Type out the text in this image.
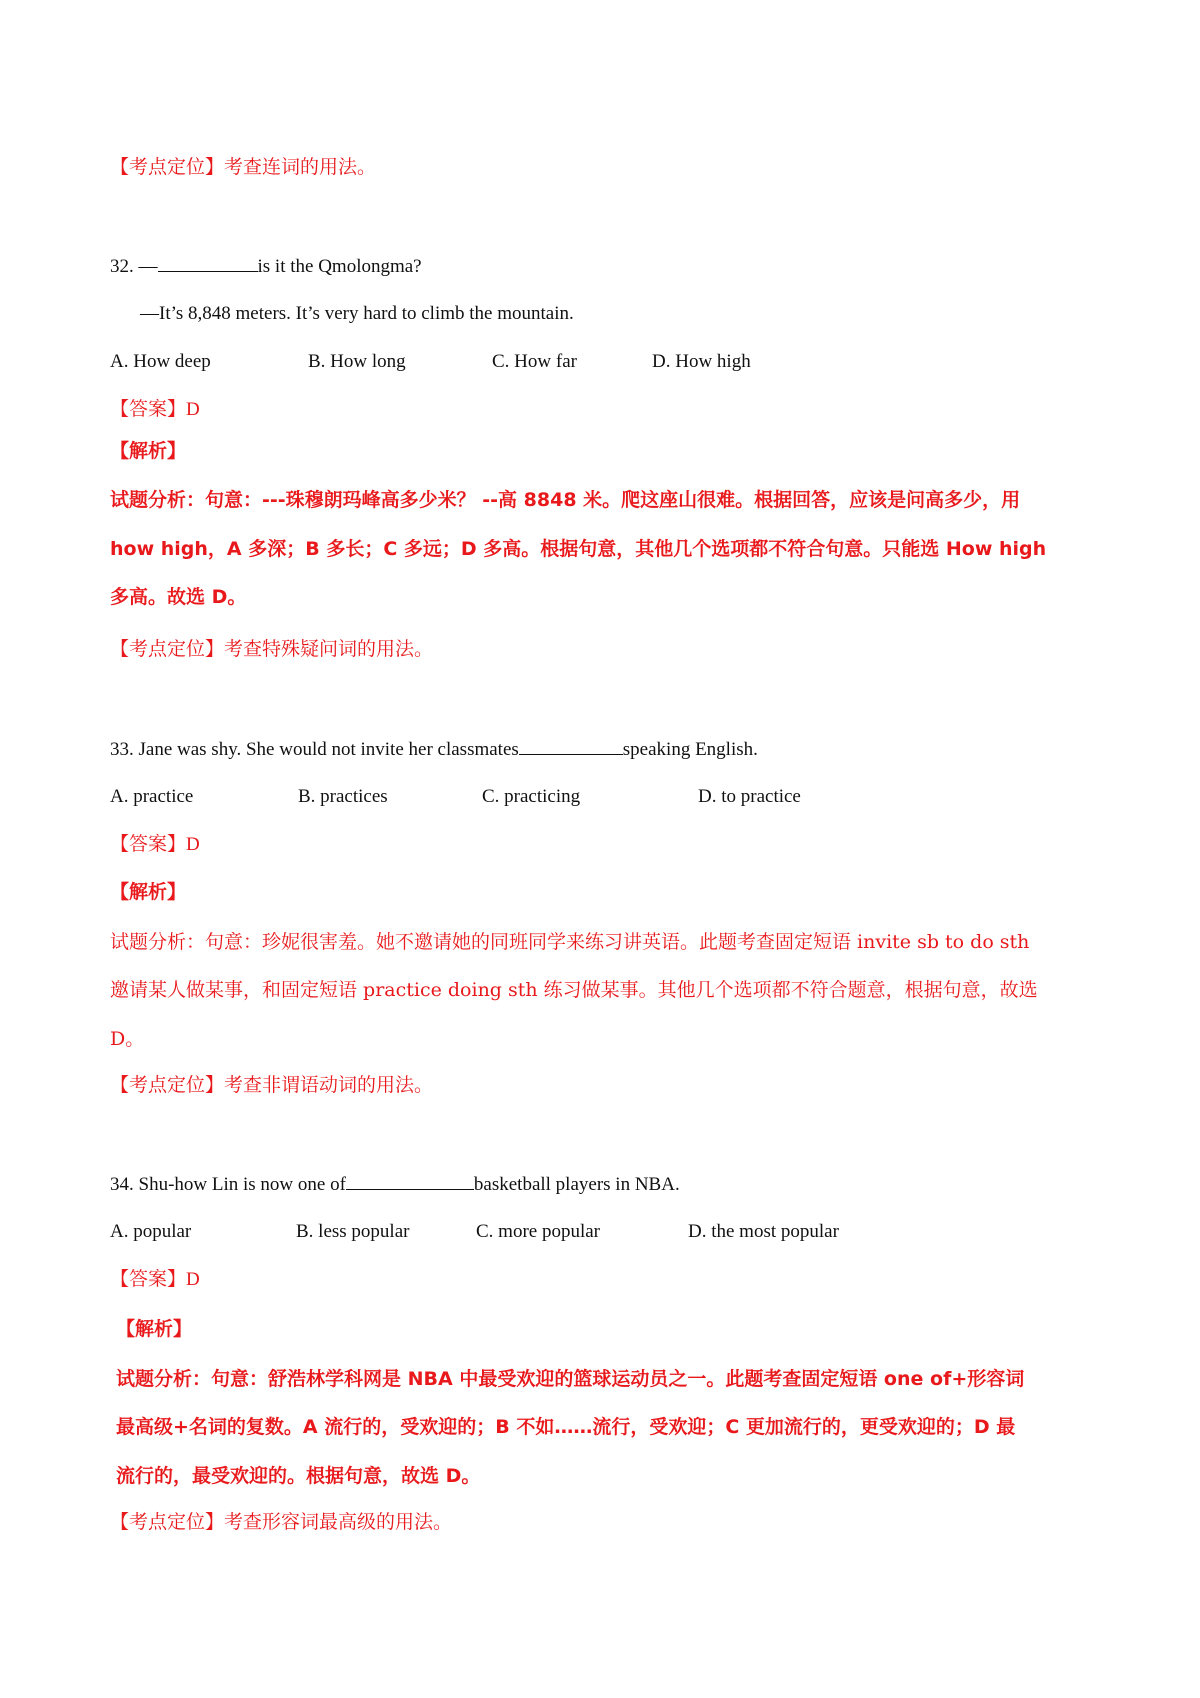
【考点定位】考查连词的用法。
32. —	is it the Qmolongma?
—It’s 8,848 meters. It’s very hard to climb the mountain.
A. How deep	B. How long	C. How far	D. How high
【答案】D
【解析】
试题分析：句意：---珠穆朗玛峰高多少米？ --高 8848 米。爬这座山很难。根据回答，应该是问高多少，用
how high，A 多深；B 多长；C 多远；D 多高。根据句意，其他几个选项都不符合句意。只能选 How high
多高。故选 D。
【考点定位】考查特殊疑问词的用法。
33. Jane was shy. She would not invite her classmates	speaking English.
A. practice	B. practices	C. practicing	D. to practice
【答案】D
【解析】
试题分析：句意：珍妮很害羞。她不邀请她的同班同学来练习讲英语。此题考查固定短语 invite sb to do sth
邀请某人做某事，和固定短语 practice doing sth 练习做某事。其他几个选项都不符合题意，根据句意，故选
D。
【考点定位】考查非谓语动词的用法。
34. Shu-how Lin is now one of	basketball players in NBA.
A. popular	B. less popular	C. more popular	D. the most popular
【答案】D
【解析】
试题分析：句意：舒浩林学科网是 NBA 中最受欢迎的篮球运动员之一。此题考查固定短语 one of+形容词
最高级+名词的复数。A 流行的，受欢迎的；B 不如……流行，受欢迎；C 更加流行的，更受欢迎的；D 最
流行的，最受欢迎的。根据句意，故选 D。
【考点定位】考查形容词最高级的用法。
